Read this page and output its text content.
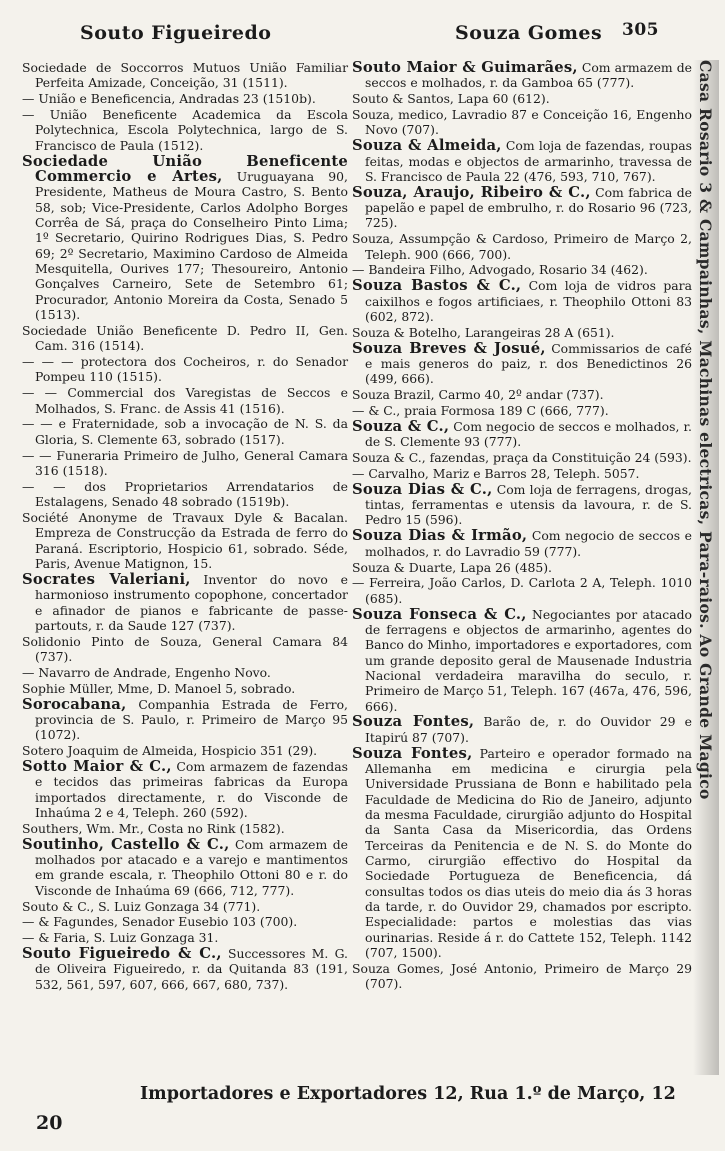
Souto Figueiredo	Souza Gomes 305
Sociedade de Soccorros Mutuos União Familiar Perfeita Amizade, Conceição, 31 (1511).
— União e Beneficencia, Andradas 23 (1510b).
— União Beneficente Academica da Escola Polytechnica, Escola Polytechnica, largo de S. Francisco de Paula (1512).
Sociedade União Beneficente Commercio e Artes, Uruguayana 90, Presidente, Matheus de Moura Castro, S. Bento 58, sob; Vice-Presidente, Carlos Adolpho Borges Corrêa de Sá, praça do Conselheiro Pinto Lima; 1º Secretario, Quirino Rodrigues Dias, S. Pedro 69; 2º Secretario, Maximino Cardoso de Almeida Mesquitella, Ourives 177; Thesoureiro, Antonio Gonçalves Carneiro, Sete de Setembro 61; Procurador, Antonio Moreira da Costa, Senado 5 (1513).
Sociedade União Beneficente D. Pedro II, Gen. Cam. 316 (1514).
— — — protectora dos Cocheiros, r. do Senador Pompeu 110 (1515).
— — Commercial dos Varegistas de Seccos e Molhados, S. Franc. de Assis 41 (1516).
— — e Fraternidade, sob a invocação de N. S. da Gloria, S. Clemente 63, sobrado (1517).
— — Funeraria Primeiro de Julho, General Camara 316 (1518).
— — dos Proprietarios Arrendatarios de Estalagens, Senado 48 sobrado (1519b).
Société Anonyme de Travaux Dyle & Bacalan. Empreza de Construcção da Estrada de ferro do Paraná. Escriptorio, Hospicio 61, sobrado. Séde, Paris, Avenue Matignon, 15.
Socrates Valeriani, Inventor do novo e harmonioso instrumento copophone, concertador e afinador de pianos e fabricante de passe-partouts, r. da Saude 127 (737).
Solidonio Pinto de Souza, General Camara 84 (737).
— Navarro de Andrade, Engenho Novo.
Sophie Müller, Mme, D. Manoel 5, sobrado.
Sorocabana, Companhia Estrada de Ferro, provincia de S. Paulo, r. Primeiro de Março 95 (1072).
Sotero Joaquim de Almeida, Hospicio 351 (29).
Sotto Maior & C., Com armazem de fazendas e tecidos das primeiras fabricas da Europa importados directamente, r. do Visconde de Inhaúma 2 e 4, Teleph. 260 (592).
Southers, Wm. Mr., Costa no Rink (1582).
Soutinho, Castello & C., Com armazem de molhados por atacado e a varejo e mantimentos em grande escala, r. Theophilo Ottoni 80 e r. do Visconde de Inhaúma 69 (666, 712, 777).
Souto & C., S. Luiz Gonzaga 34 (771).
— & Fagundes, Senador Eusebio 103 (700).
— & Faria, S. Luiz Gonzaga 31.
Souto Figueiredo & C., Successores M. G. de Oliveira Figueiredo, r. da Quitanda 83 (191, 532, 561, 597, 607, 666, 667, 680, 737).
Souto Maior & Guimarães, Com armazem de seccos e molhados, r. da Gamboa 65 (777).
Souto & Santos, Lapa 60 (612).
Souza, medico, Lavradio 87 e Conceição 16, Engenho Novo (707).
Souza & Almeida, Com loja de fazendas, roupas feitas, modas e objectos de armarinho, travessa de S. Francisco de Paula 22 (476, 593, 710, 767).
Souza, Araujo, Ribeiro & C., Com fabrica de papelão e papel de embrulho, r. do Rosario 96 (723, 725).
Souza, Assumpção & Cardoso, Primeiro de Março 2, Teleph. 900 (666, 700).
— Bandeira Filho, Advogado, Rosario 34 (462).
Souza Bastos & C., Com loja de vidros para caixilhos e fogos artificiaes, r. Theophilo Ottoni 83 (602, 872).
Souza & Botelho, Larangeiras 28 A (651).
Souza Breves & Josué, Commissarios de café e mais generos do paiz, r. dos Benedictinos 26 (499, 666).
Souza Brazil, Carmo 40, 2º andar (737).
— & C., praia Formosa 189 C (666, 777).
Souza & C., Com negocio de seccos e molhados, r. de S. Clemente 93 (777).
Souza & C., fazendas, praça da Constituição 24 (593).
— Carvalho, Mariz e Barros 28, Teleph. 5057.
Souza Dias & C., Com loja de ferragens, drogas, tintas, ferramentas e utensis da lavoura, r. de S. Pedro 15 (596).
Souza Dias & Irmão, Com negocio de seccos e molhados, r. do Lavradio 59 (777).
Souza & Duarte, Lapa 26 (485).
— Ferreira, João Carlos, D. Carlota 2 A, Teleph. 1010 (685).
Souza Fonseca & C., Negociantes por atacado de ferragens e objectos de armarinho, agentes do Banco do Minho, importadores e exportadores, com um grande deposito geral de Mausenade Industria Nacional verdadeira maravilha do seculo, r. Primeiro de Março 51, Teleph. 167 (467a, 476, 596, 666).
Souza Fontes, Barão de, r. do Ouvidor 29 e Itapirú 87 (707).
Souza Fontes, Parteiro e operador formado na Allemanha em medicina e cirurgia pela Universidade Prussiana de Bonn e habilitado pela Faculdade de Medicina do Rio de Janeiro, adjunto da mesma Faculdade, cirurgião adjunto do Hospital da Santa Casa da Misericordia, das Ordens Terceiras da Penitencia e de N. S. do Monte do Carmo, cirurgião effectivo do Hospital da Sociedade Portugueza de Beneficencia, dá consultas todos os dias uteis do meio dia ás 3 horas da tarde, r. do Ouvidor 29, chamados por escripto. Especialidade: partos e molestias das vias ourinarias. Reside á r. do Cattete 152, Teleph. 1142 (707, 1500).
Souza Gomes, José Antonio, Primeiro de Março 29 (707).
Casa Rosario 3 & Campainhas, Machinas electricas, Para-raios. Ao Grande Magico
Importadores e Exportadores 12, Rua 1.º de Março, 12
20
